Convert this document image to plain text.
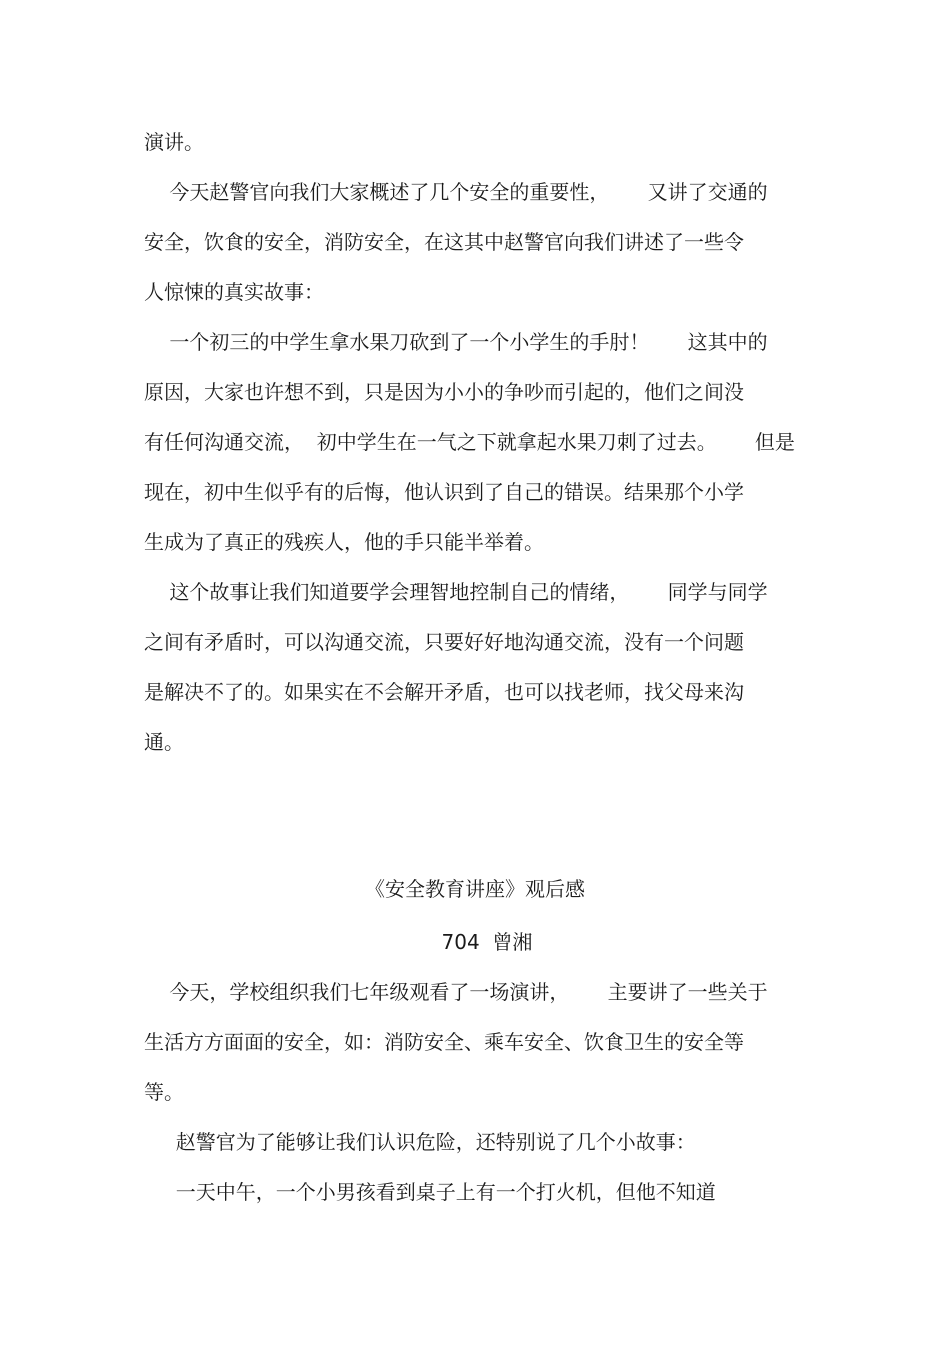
演讲。

今天赵警官向我们大家概述了几个安全的重要性，      又讲了交通的

安全，饮食的安全，消防安全，在这其中赵警官向我们讲述了一些令

人惊悚的真实故事：

一个初三的中学生拿水果刀砍到了一个小学生的手肘！      这其中的

原因，大家也许想不到，只是因为小小的争吵而引起的，他们之间没

有任何沟通交流，  初中学生在一气之下就拿起水果刀刺了过去。      但是

现在，初中生似乎有的后悔，他认识到了自己的错误。结果那个小学

生成为了真正的残疾人，他的手只能半举着。

这个故事让我们知道要学会理智地控制自己的情绪，      同学与同学

之间有矛盾时，可以沟通交流，只要好好地沟通交流，没有一个问题

是解决不了的。如果实在不会解开矛盾，也可以找老师，找父母来沟

通。

《安全教育讲座》观后感

704  曾湘

今天，学校组织我们七年级观看了一场演讲，      主要讲了一些关于

生活方方面面的安全，如：消防安全、乘车安全、饮食卫生的安全等

等。

赵警官为了能够让我们认识危险，还特别说了几个小故事：

一天中午，一个小男孩看到桌子上有一个打火机，但他不知道
